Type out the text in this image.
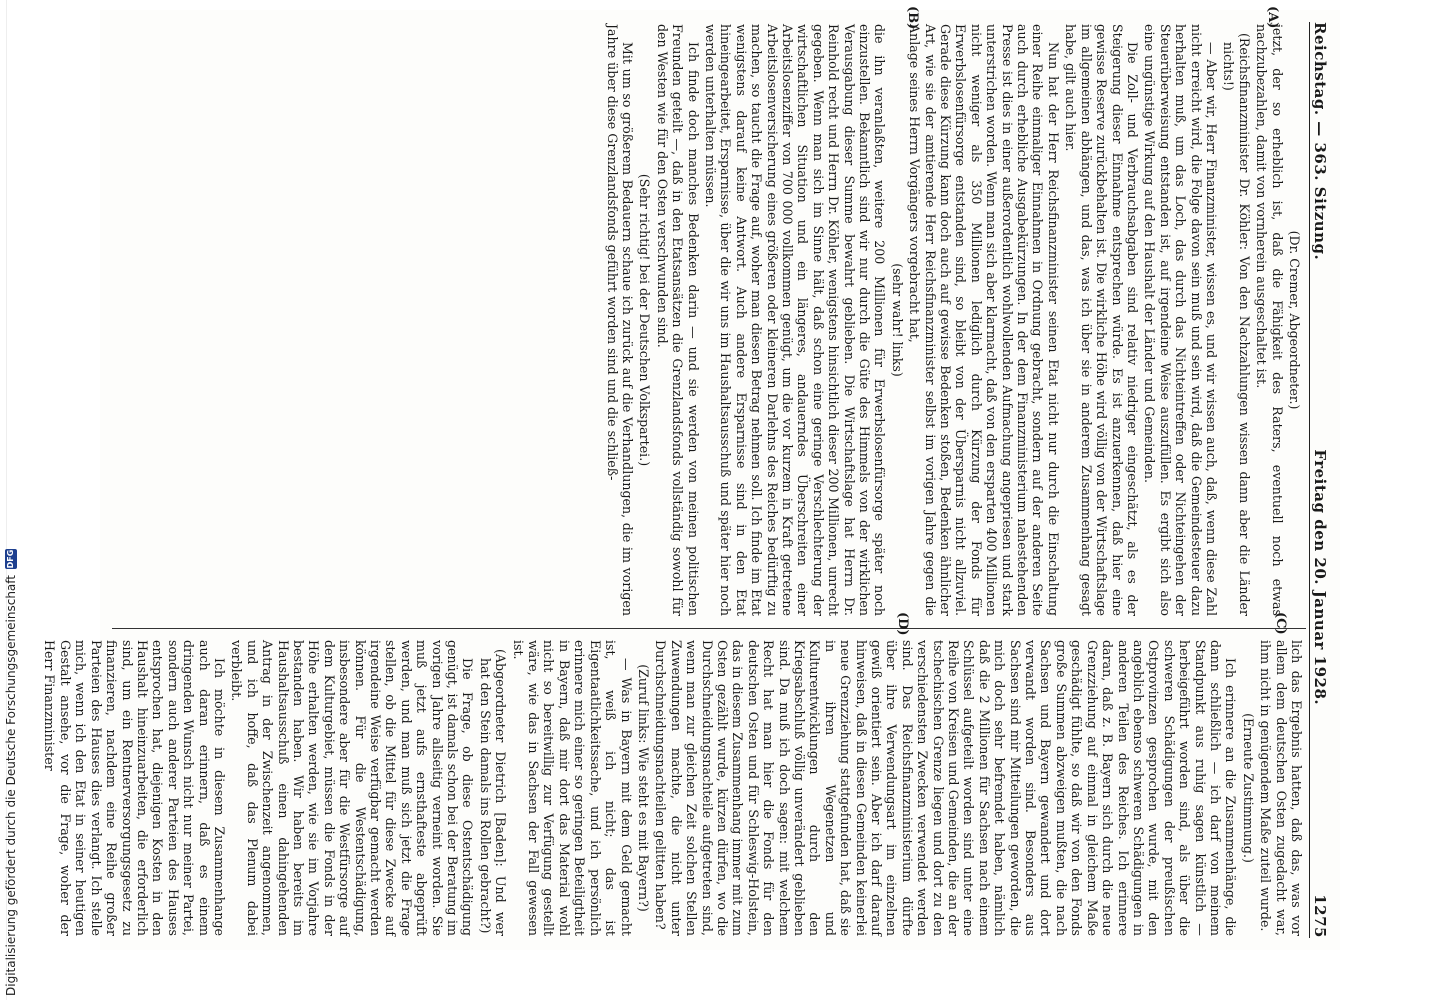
Reichstag. — 363. Sitzung.
Freitag den 20. Januar 1928.
1275
(A)
(B)
(C)
(D)

(Dr. Cremer, Abgeordneter.)

jetzt, der so erheblich ist, daß die Fähigkeit des Raters, eventuell noch etwas nachzubezahlen, damit von vornherein ausgeschaltet ist.

(Reichsfinanzminister Dr. Köhler: Von den Nachzahlungen wissen dann aber die Länder nichts!)

— Aber wir, Herr Finanzminister, wissen es, und wir wissen auch, daß, wenn diese Zahl nicht erreicht wird, die Folge davon sein muß und sein wird, daß die Gemeindesteuer dazu herhalten muß, um das Loch, das durch das Nichteintreffen oder Nichteingehen der Steuerüberweisung entstanden ist, auf irgendeine Weise auszufüllen. Es ergibt sich also eine ungünstige Wirkung auf den Haushalt der Länder und Gemeinden.

Die Zoll- und Verbrauchsabgaben sind relativ niedriger eingeschätzt, als es der Steigerung dieser Einnahme entsprechen würde. Es ist anzuerkennen, daß hier eine gewisse Reserve zurückbehalten ist. Die wirkliche Höhe wird völlig von der Wirtschaftslage im allgemeinen abhängen, und das, was ich über sie in anderem Zusammenhang gesagt habe, gilt auch hier.

Nun hat der Herr Reichsfinanzminister seinen Etat nicht nur durch die Einschaltung einer Reihe einmaliger Einnahmen in Ordnung gebracht, sondern auf der anderen Seite auch durch erhebliche Ausgabekürzungen. In der dem Finanzministerium nahestehenden Presse ist dies in einer außerordentlich wohlwollenden Aufmachung angepriesen und stark unterstrichen worden. Wenn man sich aber klarmacht, daß von den ersparten 400 Millionen nicht weniger als 350 Millionen lediglich durch Kürzung der Fonds für Erwerbslosenfürsorge entstanden sind, so bleibt von der Übersparnis nicht allzuviel. Gerade diese Kürzung kann doch auch auf gewisse Bedenken stoßen, Bedenken ähnlicher Art, wie sie der amtierende Herr Reichsfinanzminister selbst im vorigen Jahre gegen die Anlage seines Herrn Vorgängers vorgebracht hat,

(sehr wahr! links)

die ihn veranlaßten, weitere 200 Millionen für Erwerbslosenfürsorge später noch einzustellen. Bekanntlich sind wir nur durch die Güte des Himmels von der wirklichen Verausgabung dieser Summe bewahrt geblieben. Die Wirtschaftslage hat Herrn Dr. Reinhold recht und Herrn Dr. Köhler, wenigstens hinsichtlich dieser 200 Millionen, unrecht gegeben. Wenn man sich im Sinne hält, daß schon eine geringe Verschlechterung der wirtschaftlichen Situation und ein längeres, andauerndes Überschreiten einer Arbeitslosenziffer von 700 000 vollkommen genügt, um die vor kurzem in Kraft getretene Arbeitslosenversicherung eines größeren oder kleineren Darlehns des Reiches bedürftig zu machen, so taucht die Frage auf, woher man diesen Betrag nehmen soll. Ich finde im Etat wenigstens darauf keine Antwort. Auch andere Ersparnisse sind in den Etat hineingearbeitet, Ersparnisse, über die wir uns im Haushaltsausschuß und später hier noch werden unterhalten müssen.

Ich finde doch manches Bedenken darin — und sie werden von meinen politischen Freunden geteilt —, daß in den Etatsansätzen die Grenzlandsfonds vollständig sowohl für den Westen wie für den Osten verschwunden sind.

(Sehr richtig! bei der Deutschen Volkspartei.)

Mit um so größerem Bedauern schaue ich zurück auf die Verhandlungen, die im vorigen Jahre über diese Grenzlandsfonds geführt worden sind und die schließ-

lich das Ergebnis hatten, daß das, was vor allem dem deutschen Osten zugedacht war, ihm nicht in genügendem Maße zuteil wurde.

(Erneute Zustimmung.)

Ich erinnere an die Zusammenhänge, die dann schließlich — ich darf von meinem Standpunkt aus ruhig sagen künstlich — herbeigeführt worden sind, als über die schweren Schädigungen der preußischen Ostprovinzen gesprochen wurde, mit den angeblich ebenso schweren Schädigungen in anderen Teilen des Reiches. Ich erinnere daran, daß z. B. Bayern sich durch die neue Grenzziehung auf einmal in gleichem Maße geschädigt fühlte, so daß wir von den Fonds große Summen abzweigen mußten, die nach Sachsen und Bayern gewandert und dort verwandt worden sind. Besonders aus Sachsen sind mir Mitteilungen geworden, die mich doch sehr befremdet haben, nämlich daß die 2 Millionen für Sachsen nach einem Schlüssel aufgeteilt worden sind unter eine Reihe von Kreisen und Gemeinden, die an der tschechischen Grenze liegen und dort zu den verschiedensten Zwecken verwendet werden sind. Das Reichsfinanzministerium dürfte über ihre Verwendungsart im einzelnen gewiß orientiert sein. Aber ich darf darauf hinweisen, daß in diesen Gemeinden keinerlei neue Grenzziehung stattgefunden hat, daß sie in ihren Wegenetzen und Kulturentwicklungen durch den Kriegsabschluß völlig unverändert geblieben sind. Da muß ich doch sagen: mit welchem Recht hat man hier die Fonds für den deutschen Osten und für Schleswig-Holstein, das in diesem Zusammenhang immer mit zum Osten gezählt wurde, kürzen dürfen, wo die Durchschneidungsnachteile aufgetreten sind, wenn man zur gleichen Zeit solchen Stellen Zuwendungen machte, die nicht unter Durchschneidungsnachteilen gelitten haben?

(Zuruf links: Wie steht es mit Bayern?)

— Was in Bayern mit dem Geld gemacht ist, weiß ich nicht; das ist Eigentaatlichkeitssache, und ich persönlich erinnere mich einer so geringen Beteiligtheit in Bayern, daß mir dort das Material wohl nicht so bereitwillig zur Verfügung gestellt wäre, wie das in Sachsen der Fall gewesen ist.

(Abgeordneter Dietrich [Baden]: Und wer hat den Stein damals ins Rollen gebracht?)

Die Frage, ob diese Ostentschädigung genügt, ist damals schon bei der Beratung im vorigen Jahre allseitig verneint worden. Sie muß jetzt aufs ernsthafteste abgeprüft werden, und man muß sich jetzt die Frage stellen, ob die Mittel für diese Zwecke auf irgendeine Weise verfügbar gemacht werden können. Für die Westentschädigung, insbesondere aber für die Westfürsorge auf dem Kulturgebiet, müssen die Fonds in der Höhe erhalten werden, wie sie im Vorjahre bestanden haben. Wir haben bereits im Haushaltsausschuß einen dahingehenden Antrag in der Zwischenzeit angenommen, und ich hoffe, daß das Plenum dabei verbleibt.

Ich möchte in diesem Zusammenhange auch daran erinnern, daß es einem dringenden Wunsch nicht nur meiner Partei, sondern auch anderer Parteien des Hauses entsprochen hat, diejenigen Kosten in den Haushalt hineinzuarbeiten, die erforderlich sind, um ein Rentnerversorgungsgesetz zu finanzieren, nachdem eine Reihe großer Parteien des Hauses dies verlangt. Ich stelle mich, wenn ich den Etat in seiner heutigen Gestalt ansehe, vor die Frage, woher der Herr Finanzminister

Digitalisierung gefördert durch die Deutsche Forschungsgemeinschaft
DFG
